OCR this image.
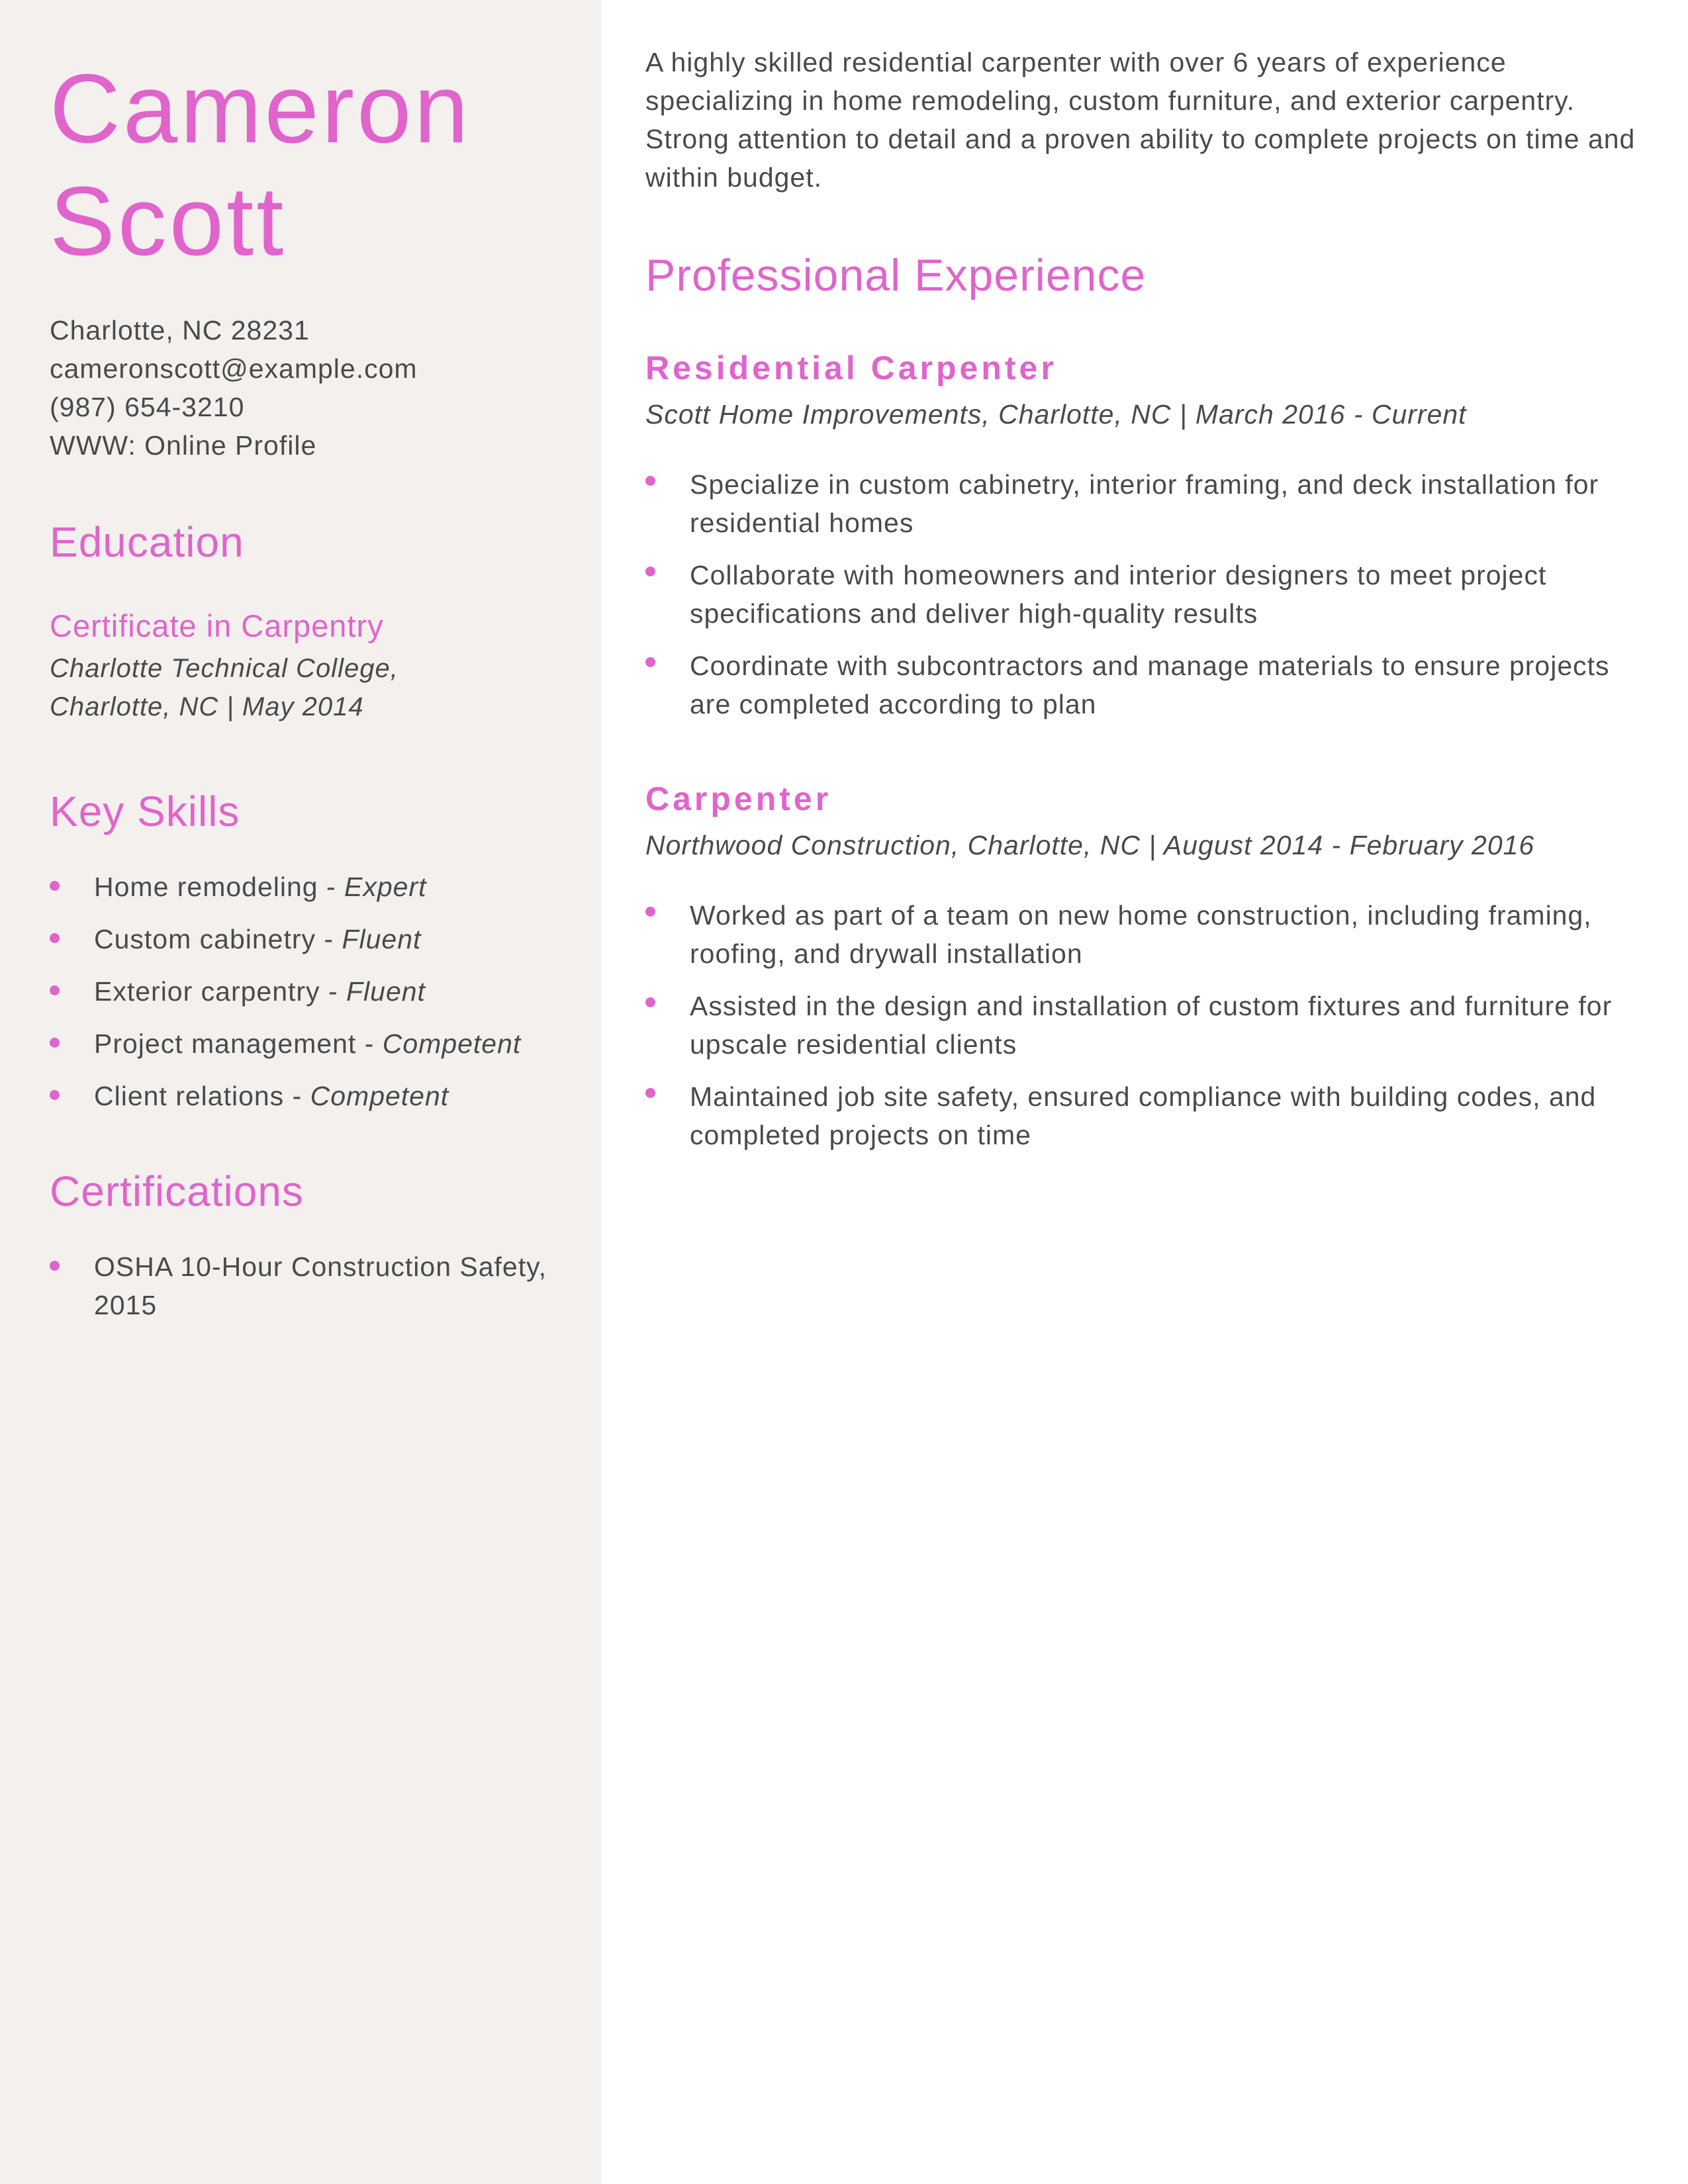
Cameron
Scott
Charlotte, NC 28231
cameronscott@example.com
(987) 654-3210
WWW: Online Profile
Education
Certificate in Carpentry
Charlotte Technical College,
Charlotte, NC | May 2014
Key Skills
Home remodeling - Expert
Custom cabinetry - Fluent
Exterior carpentry - Fluent
Project management - Competent
Client relations - Competent
Certifications
OSHA 10-Hour Construction Safety, 2015

A highly skilled residential carpenter with over 6 years of experience specializing in home remodeling, custom furniture, and exterior carpentry. Strong attention to detail and a proven ability to complete projects on time and within budget.

Professional Experience
Residential Carpenter
Scott Home Improvements, Charlotte, NC | March 2016 - Current
Specialize in custom cabinetry, interior framing, and deck installation for residential homes
Collaborate with homeowners and interior designers to meet project specifications and deliver high-quality results
Coordinate with subcontractors and manage materials to ensure projects are completed according to plan
Carpenter
Northwood Construction, Charlotte, NC | August 2014 - February 2016
Worked as part of a team on new home construction, including framing, roofing, and drywall installation
Assisted in the design and installation of custom fixtures and furniture for upscale residential clients
Maintained job site safety, ensured compliance with building codes, and completed projects on time
